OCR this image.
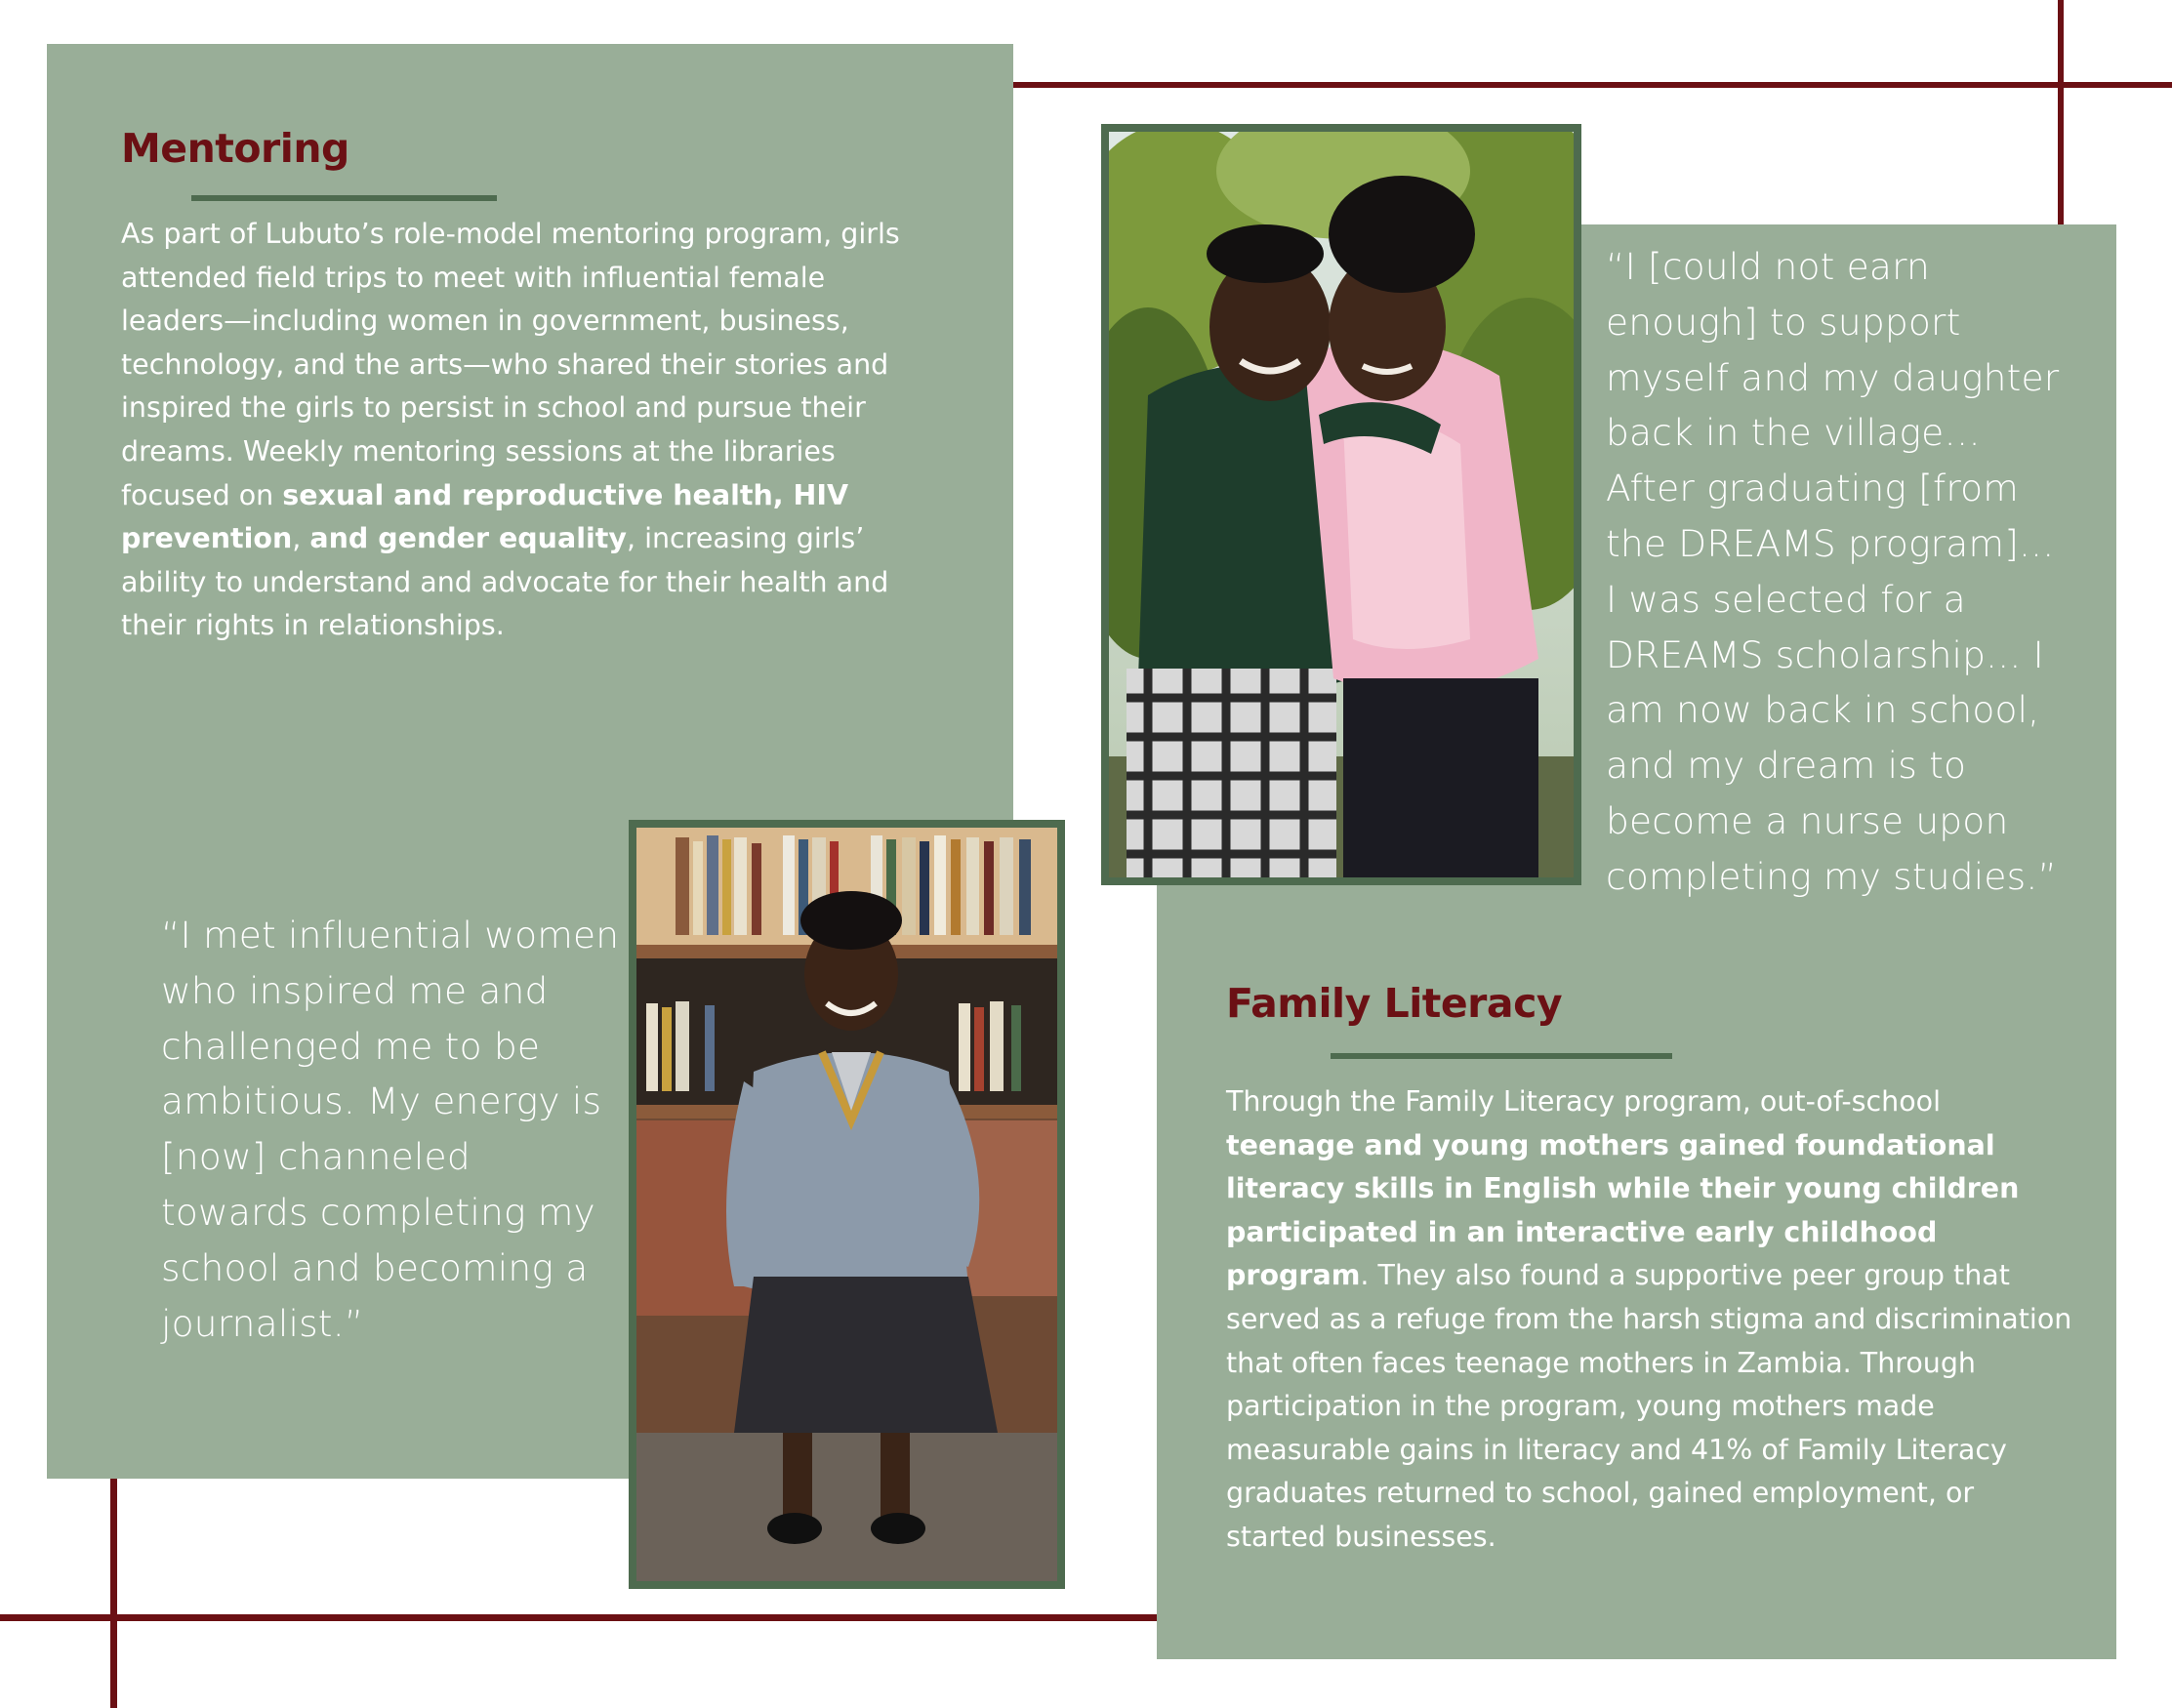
Mentoring

As part of Lubuto’s role-model mentoring program, girls attended field trips to meet with influential female leaders—including women in government, business, technology, and the arts—who shared their stories and inspired the girls to persist in school and pursue their dreams. Weekly mentoring sessions at the libraries focused on sexual and reproductive health, HIV prevention, and gender equality, increasing girls’ ability to understand and advocate for their health and their rights in relationships.

“I met influential women who inspired me and challenged me to be ambitious. My energy is [now] channeled towards completing my school and becoming a journalist.”

“I [could not earn enough] to support myself and my daughter back in the village… After graduating [from the DREAMS program]... I was selected for a DREAMS scholarship... I am now back in school, and my dream is to become a nurse upon completing my studies.”

Family Literacy

Through the Family Literacy program, out-of-school teenage and young mothers gained foundational literacy skills in English while their young children participated in an interactive early childhood program. They also found a supportive peer group that served as a refuge from the harsh stigma and discrimination that often faces teenage mothers in Zambia. Through participation in the program, young mothers made measurable gains in literacy and 41% of Family Literacy graduates returned to school, gained employment, or started businesses.
